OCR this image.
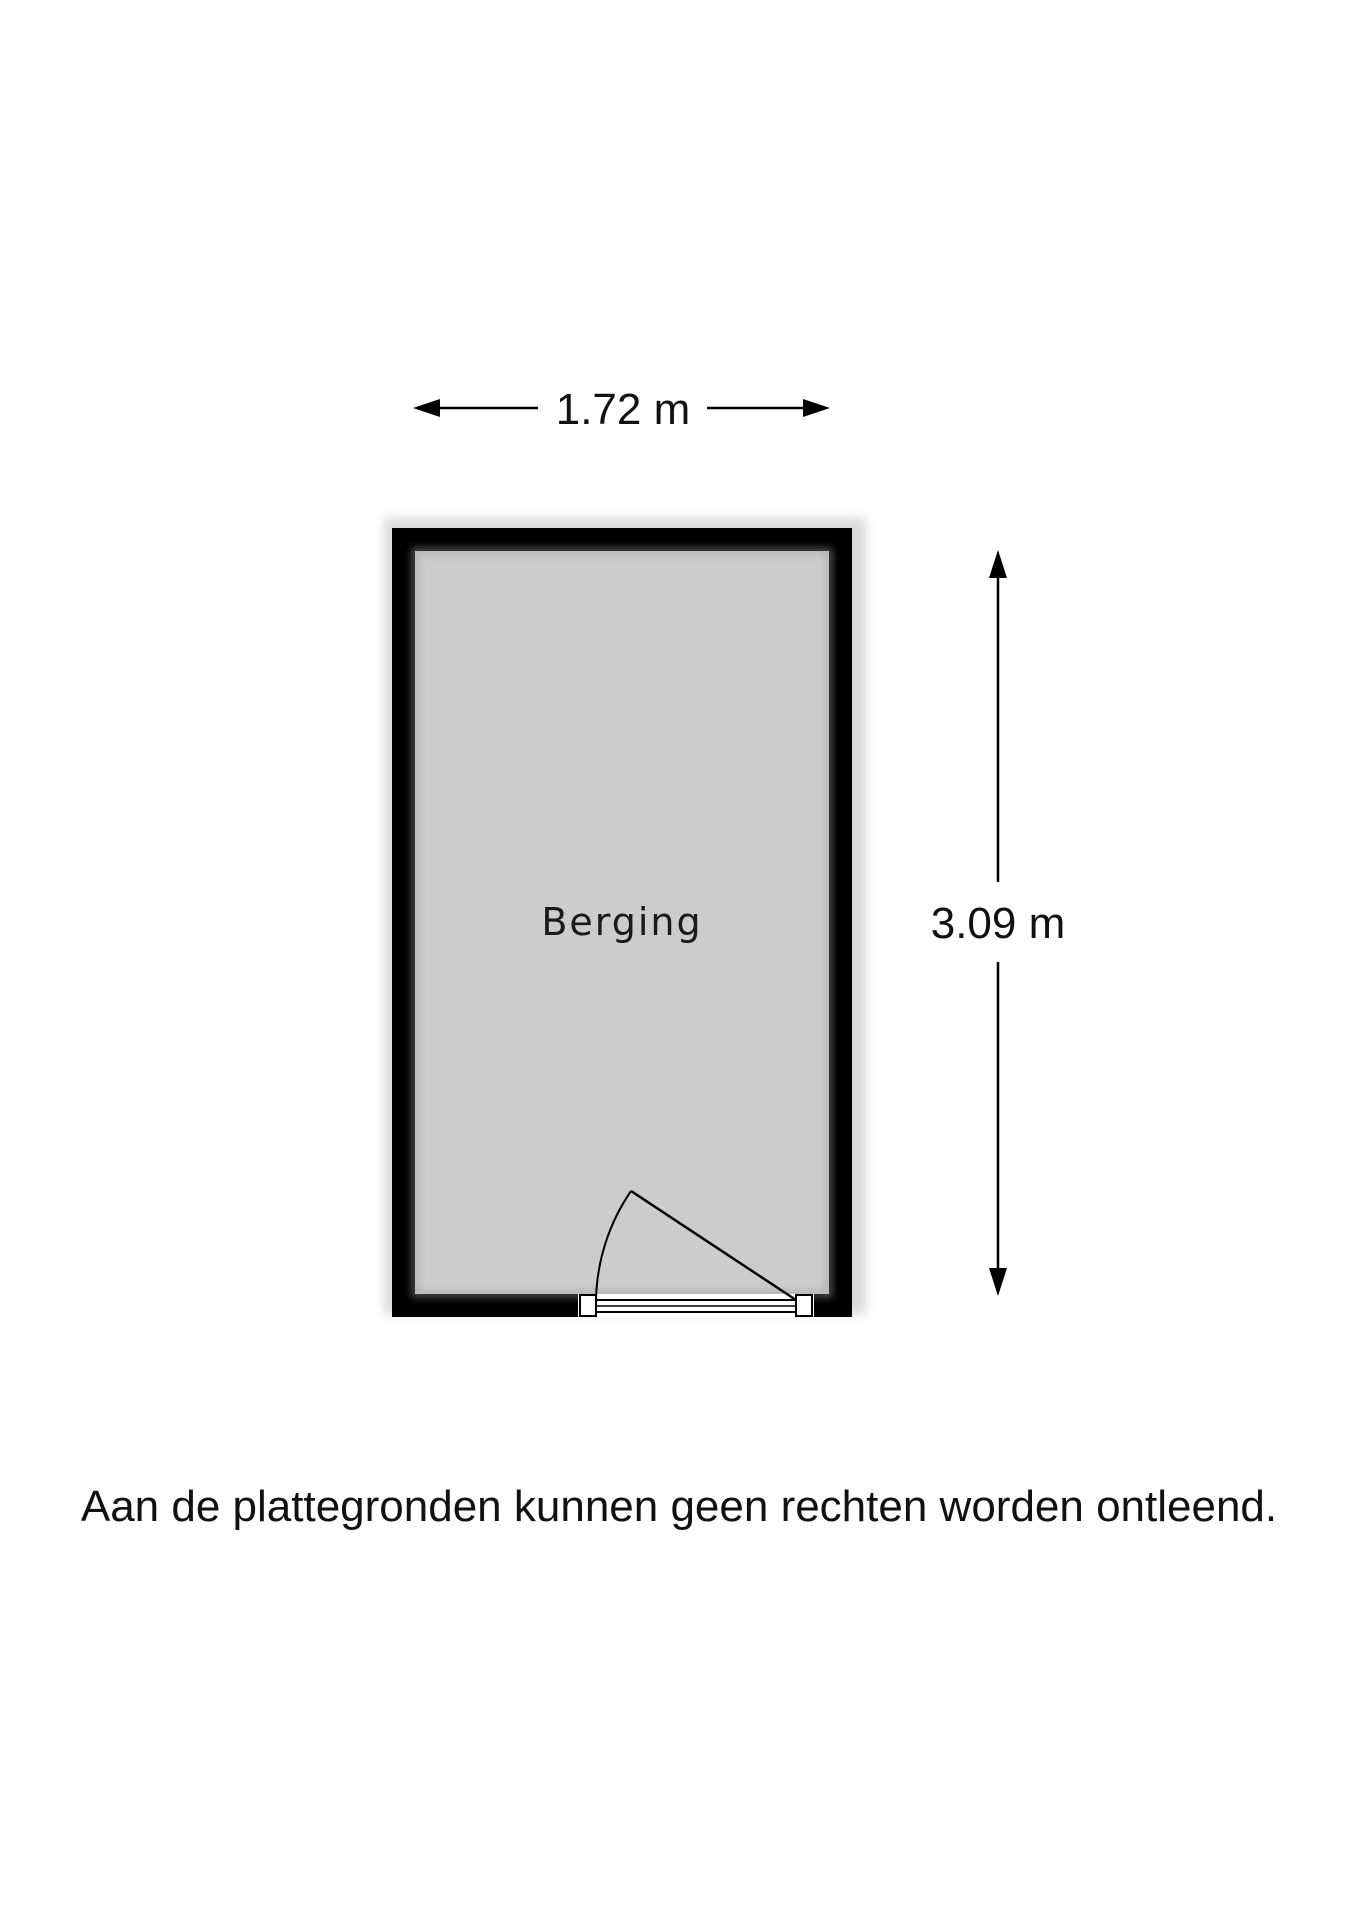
Berging
1.72 m
3.09 m

Aan de plattegronden kunnen geen rechten worden ontleend.
